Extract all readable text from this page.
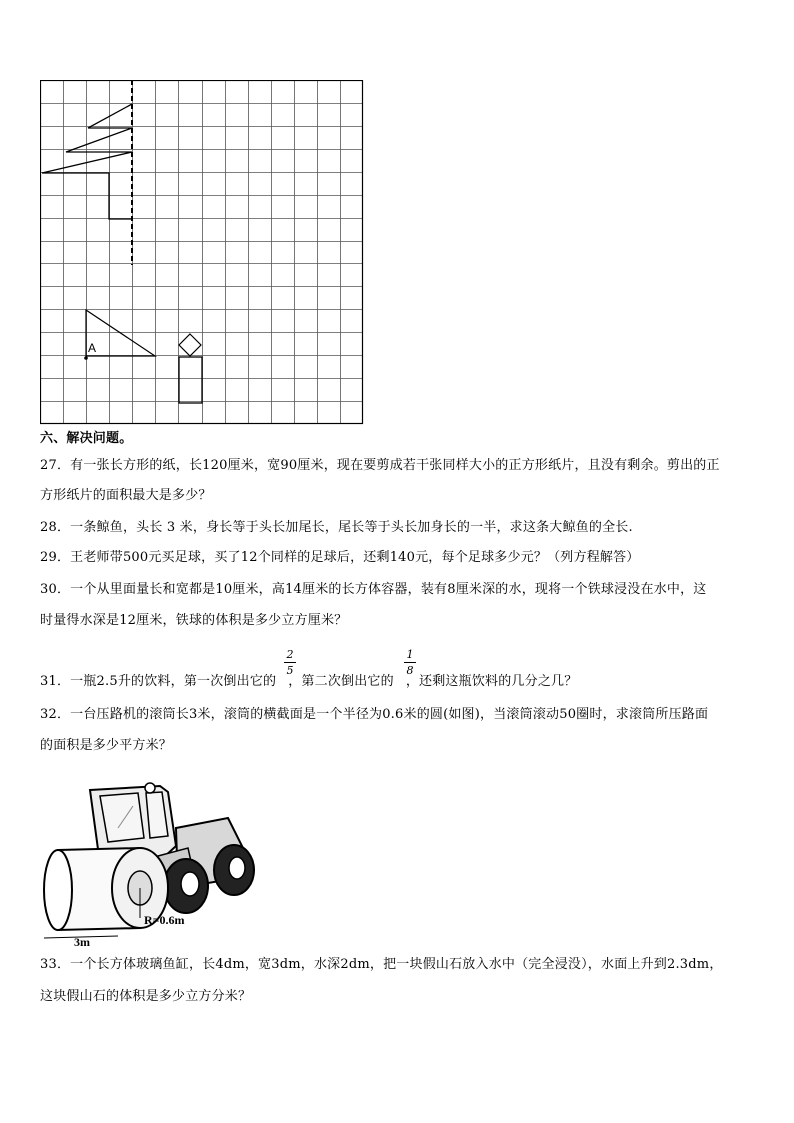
A
六、解决问题。
27．有一张长方形的纸，长120厘米，宽90厘米，现在要剪成若干张同样大小的正方形纸片，且没有剩余。剪出的正
方形纸片的面积最大是多少？
28．一条鲸鱼，头长 3 米，身长等于头长加尾长，尾长等于头长加身长的一半，求这条大鲸鱼的全长.
29．王老师带500元买足球，买了12个同样的足球后，还剩140元，每个足球多少元？（列方程解答）
30．一个从里面量长和宽都是10厘米，高14厘米的长方体容器，装有8厘米深的水，现将一个铁球浸没在水中，这
时量得水深是12厘米，铁球的体积是多少立方厘米？
31．一瓶2.5升的饮料，第一次倒出它的 ，第二次倒出它的 ，还剩这瓶饮料的几分之几？
2
5
1
8
32．一台压路机的滚筒长3米，滚筒的横截面是一个半径为0.6米的圆(如图)，当滚筒滚动50圈时，求滚筒所压路面
的面积是多少平方米？
3m
R=0.6m
33．一个长方体玻璃鱼缸，长4dm，宽3dm，水深2dm，把一块假山石放入水中（完全浸没），水面上升到2.3dm，
这块假山石的体积是多少立方分米？
